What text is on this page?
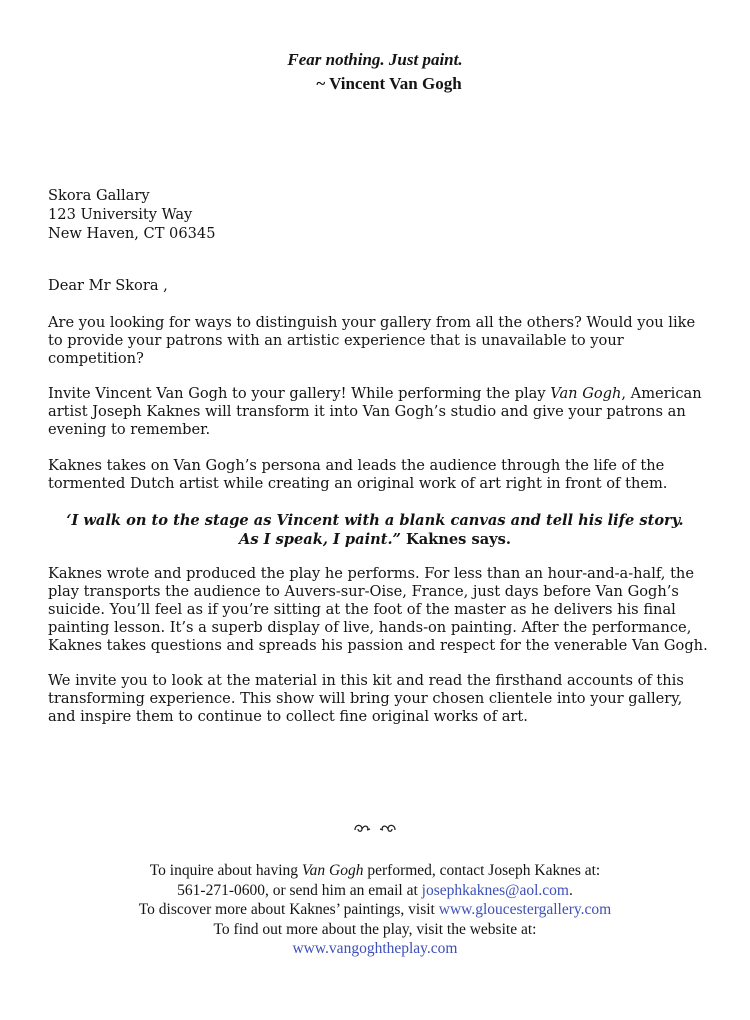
Fear nothing. Just paint.
~ Vincent Van Gogh
Skora Gallary
123 University Way
New Haven, CT 06345
Dear Mr Skora ,
Are you looking for ways to distinguish your gallery from all the others? Would you like
to provide your patrons with an artistic experience that is unavailable to your
competition?
Invite Vincent Van Gogh to your gallery! While performing the play Van Gogh, American
artist Joseph Kaknes will transform it into Van Gogh’s studio and give your patrons an
evening to remember.
Kaknes takes on Van Gogh’s persona and leads the audience through the life of the
tormented Dutch artist while creating an original work of art right in front of them.
‘I walk on to the stage as Vincent with a blank canvas and tell his life story.
As I speak, I paint.” Kaknes says.
Kaknes wrote and produced the play he performs. For less than an hour-and-a-half, the
play transports the audience to Auvers-sur-Oise, France, just days before Van Gogh’s
suicide. You’ll feel as if you’re sitting at the foot of the master as he delivers his final
painting lesson. It’s a superb display of live, hands-on painting. After the performance,
Kaknes takes questions and spreads his passion and respect for the venerable Van Gogh.
We invite you to look at the material in this kit and read the firsthand accounts of this
transforming experience. This show will bring your chosen clientele into your gallery,
and inspire them to continue to collect fine original works of art.
To inquire about having Van Gogh performed, contact Joseph Kaknes at:
561-271-0600, or send him an email at josephkaknes@aol.com.
To discover more about Kaknes’ paintings, visit www.gloucestergallery.com
To find out more about the play, visit the website at:
www.vangoghtheplay.com
